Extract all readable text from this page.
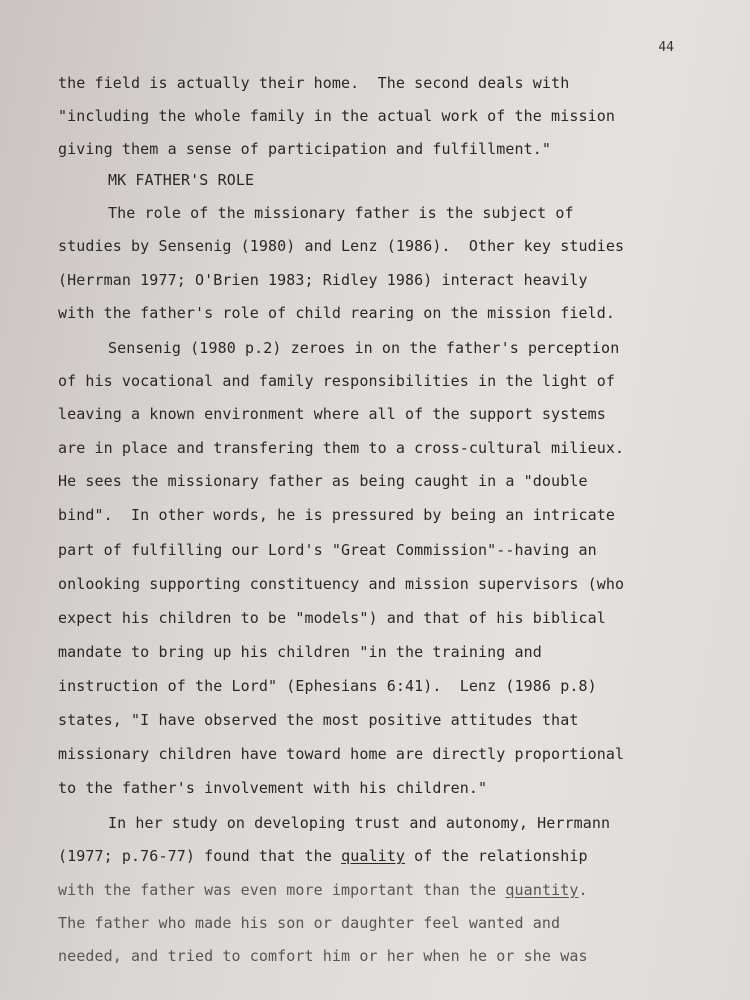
44
the field is actually their home.  The second deals with
"including the whole family in the actual work of the mission
giving them a sense of participation and fulfillment."
MK FATHER'S ROLE
The role of the missionary father is the subject of
studies by Sensenig (1980) and Lenz (1986).  Other key studies
(Herrman 1977; O'Brien 1983; Ridley 1986) interact heavily
with the father's role of child rearing on the mission field.
Sensenig (1980 p.2) zeroes in on the father's perception
of his vocational and family responsibilities in the light of
leaving a known environment where all of the support systems
are in place and transfering them to a cross-cultural milieux.
He sees the missionary father as being caught in a "double
bind".  In other words, he is pressured by being an intricate
part of fulfilling our Lord's "Great Commission"--having an
onlooking supporting constituency and mission supervisors (who
expect his children to be "models") and that of his biblical
mandate to bring up his children "in the training and
instruction of the Lord" (Ephesians 6:41).  Lenz (1986 p.8)
states, "I have observed the most positive attitudes that
missionary children have toward home are directly proportional
to the father's involvement with his children."
In her study on developing trust and autonomy, Herrmann
(1977; p.76-77) found that the quality of the relationship
with the father was even more important than the quantity.
The father who made his son or daughter feel wanted and
needed, and tried to comfort him or her when he or she was
